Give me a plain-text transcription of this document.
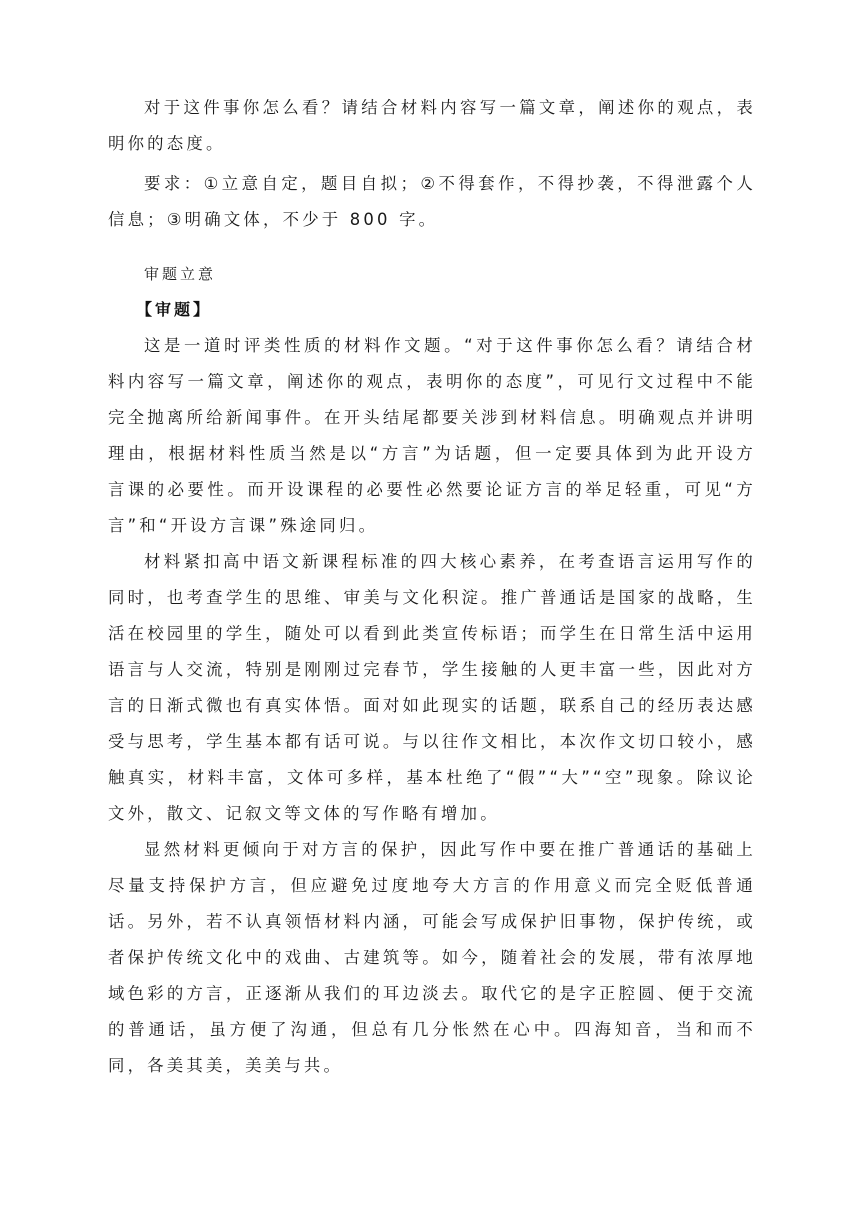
对于这件事你怎么看？请结合材料内容写一篇文章，阐述你的观点，表明你的态度。

要求：①立意自定，题目自拟；②不得套作，不得抄袭，不得泄露个人信息；③明确文体，不少于 800 字。

审题立意

【审题】

这是一道时评类性质的材料作文题。“对于这件事你怎么看？请结合材料内容写一篇文章，阐述你的观点，表明你的态度”，可见行文过程中不能完全抛离所给新闻事件。在开头结尾都要关涉到材料信息。明确观点并讲明理由，根据材料性质当然是以“方言”为话题，但一定要具体到为此开设方言课的必要性。而开设课程的必要性必然要论证方言的举足轻重，可见“方言”和“开设方言课”殊途同归。

材料紧扣高中语文新课程标准的四大核心素养，在考查语言运用写作的同时，也考查学生的思维、审美与文化积淀。推广普通话是国家的战略，生活在校园里的学生，随处可以看到此类宣传标语；而学生在日常生活中运用语言与人交流，特别是刚刚过完春节，学生接触的人更丰富一些，因此对方言的日渐式微也有真实体悟。面对如此现实的话题，联系自己的经历表达感受与思考，学生基本都有话可说。与以往作文相比，本次作文切口较小，感触真实，材料丰富，文体可多样，基本杜绝了“假”“大”“空”现象。除议论文外，散文、记叙文等文体的写作略有增加。

显然材料更倾向于对方言的保护，因此写作中要在推广普通话的基础上尽量支持保护方言，但应避免过度地夸大方言的作用意义而完全贬低普通话。另外，若不认真领悟材料内涵，可能会写成保护旧事物，保护传统，或者保护传统文化中的戏曲、古建筑等。如今，随着社会的发展，带有浓厚地域色彩的方言，正逐渐从我们的耳边淡去。取代它的是字正腔圆、便于交流的普通话，虽方便了沟通，但总有几分怅然在心中。四海知音，当和而不同，各美其美，美美与共。
